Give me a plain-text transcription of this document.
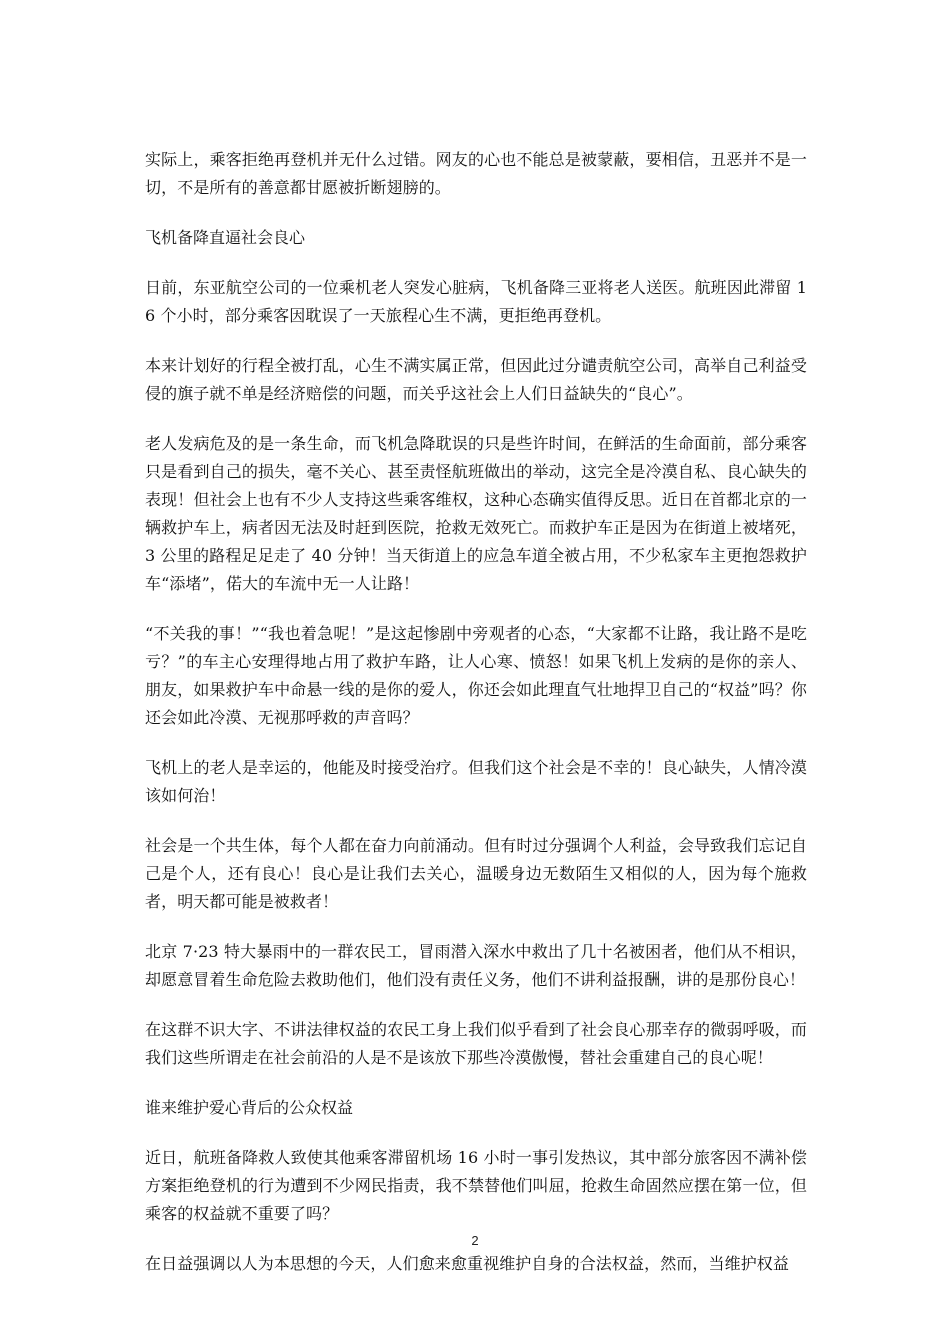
实际上，乘客拒绝再登机并无什么过错。网友的心也不能总是被蒙蔽，要相信，丑恶并不是一切，不是所有的善意都甘愿被折断翅膀的。

飞机备降直逼社会良心

日前，东亚航空公司的一位乘机老人突发心脏病，飞机备降三亚将老人送医。航班因此滞留 16 个小时，部分乘客因耽误了一天旅程心生不满，更拒绝再登机。

本来计划好的行程全被打乱，心生不满实属正常，但因此过分谴责航空公司，高举自己利益受侵的旗子就不单是经济赔偿的问题，而关乎这社会上人们日益缺失的“良心”。

老人发病危及的是一条生命，而飞机急降耽误的只是些许时间，在鲜活的生命面前，部分乘客只是看到自己的损失，毫不关心、甚至责怪航班做出的举动，这完全是冷漠自私、良心缺失的表现！但社会上也有不少人支持这些乘客维权，这种心态确实值得反思。近日在首都北京的一辆救护车上，病者因无法及时赶到医院，抢救无效死亡。而救护车正是因为在街道上被堵死，3 公里的路程足足走了 40 分钟！当天街道上的应急车道全被占用，不少私家车主更抱怨救护车“添堵”，偌大的车流中无一人让路！

“不关我的事！”“我也着急呢！”是这起惨剧中旁观者的心态，“大家都不让路，我让路不是吃亏？”的车主心安理得地占用了救护车路，让人心寒、愤怒！如果飞机上发病的是你的亲人、朋友，如果救护车中命悬一线的是你的爱人，你还会如此理直气壮地捍卫自己的“权益”吗？你还会如此冷漠、无视那呼救的声音吗？

飞机上的老人是幸运的，他能及时接受治疗。但我们这个社会是不幸的！良心缺失，人情冷漠该如何治！

社会是一个共生体，每个人都在奋力向前涌动。但有时过分强调个人利益，会导致我们忘记自己是个人，还有良心！良心是让我们去关心，温暖身边无数陌生又相似的人，因为每个施救者，明天都可能是被救者！

北京 7·23 特大暴雨中的一群农民工，冒雨潜入深水中救出了几十名被困者，他们从不相识，却愿意冒着生命危险去救助他们，他们没有责任义务，他们不讲利益报酬，讲的是那份良心！

在这群不识大字、不讲法律权益的农民工身上我们似乎看到了社会良心那幸存的微弱呼吸，而我们这些所谓走在社会前沿的人是不是该放下那些冷漠傲慢，替社会重建自己的良心呢！

谁来维护爱心背后的公众权益

近日，航班备降救人致使其他乘客滞留机场 16 小时一事引发热议，其中部分旅客因不满补偿方案拒绝登机的行为遭到不少网民指责，我不禁替他们叫屈，抢救生命固然应摆在第一位，但乘客的权益就不重要了吗？

在日益强调以人为本思想的今天，人们愈来愈重视维护自身的合法权益，然而，当维护权益

2
